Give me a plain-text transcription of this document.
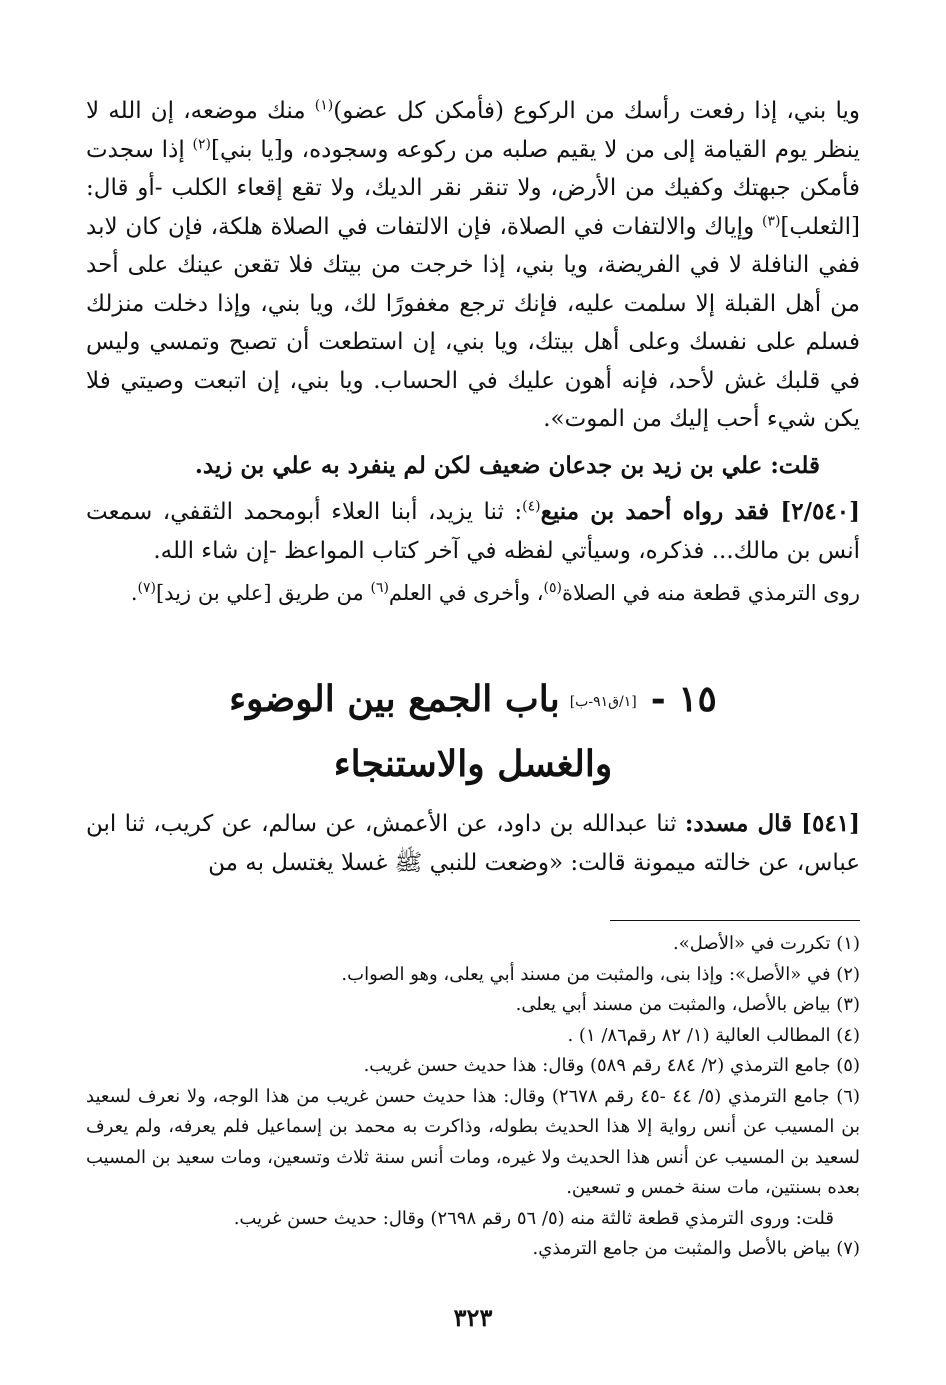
ويا بني، إذا رفعت رأسك من الركوع (فأمكن كل عضو)$^{(١)}$ منك موضعه، إن الله لا ينظر يوم القيامة إلى من لا يقيم صلبه من ركوعه وسجوده، و[يا بني]$^{(٢)}$ إذا سجدت فأمكن جبهتك وكفيك من الأرض، ولا تنقر نقر الديك، ولا تقع إقعاء الكلب -أو قال: [الثعلب]$^{(٣)}$ وإياك والالتفات في الصلاة، فإن الالتفات في الصلاة هلكة، فإن كان لابد ففي النافلة لا في الفريضة، ويا بني، إذا خرجت من بيتك فلا تقعن عينك على أحد من أهل القبلة إلا سلمت عليه، فإنك ترجع مغفورًا لك، ويا بني، وإذا دخلت منزلك فسلم على نفسك وعلى أهل بيتك، ويا بني، إن استطعت أن تصبح وتمسي وليس في قلبك غش لأحد، فإنه أهون عليك في الحساب. ويا بني، إن اتبعت وصيتي فلا يكن شيء أحب إليك من الموت».

قلت: علي بن زيد بن جدعان ضعيف لكن لم ينفرد به علي بن زيد.

[٢/٥٤٠] فقد رواه أحمد بن منيع$^{(٤)}$: ثنا يزيد، أبنا العلاء أبومحمد الثقفي، سمعت أنس بن مالك... فذكره، وسيأتي لفظه في آخر كتاب المواعظ -إن شاء الله.

روى الترمذي قطعة منه في الصلاة$^{(٥)}$، وأخرى في العلم$^{(٦)}$ من طريق [علي بن زيد]$^{(٧)}$.

١٥ -[١/ق٩١-ب]باب الجمع بين الوضوء
والغسل والاستنجاء

[٥٤١] قال مسدد: ثنا عبدالله بن داود، عن الأعمش، عن سالم، عن كريب، ثنا ابن عباس، عن خالته ميمونة قالت: «وضعت للنبي ﷺ غسلا يغتسل به من

(١) تكررت في «الأصل».

(٢) في «الأصل»: وإذا بنى، والمثبت من مسند أبي يعلى، وهو الصواب.

(٣) بياض بالأصل، والمثبت من مسند أبي يعلى.

(٤) المطالب العالية (١/ ٨٢ رقم٨٦/ ١) .

(٥) جامع الترمذي (٢/ ٤٨٤ رقم ٥٨٩) وقال: هذا حديث حسن غريب.

(٦) جامع الترمذي (٥/ ٤٤ -٤٥ رقم ٢٦٧٨) وقال: هذا حديث حسن غريب من هذا الوجه، ولا نعرف لسعيد بن المسيب عن أنس رواية إلا هذا الحديث بطوله، وذاكرت به محمد بن إسماعيل فلم يعرفه، ولم يعرف لسعيد بن المسيب عن أنس هذا الحديث ولا غيره، ومات أنس سنة ثلاث وتسعين، ومات سعيد بن المسيب بعده بسنتين، مات سنة خمس و تسعين.

قلت: وروى الترمذي قطعة ثالثة منه (٥/ ٥٦ رقم ٢٦٩٨) وقال: حديث حسن غريب.

(٧) بياض بالأصل والمثبت من جامع الترمذي.

٣٢٣
